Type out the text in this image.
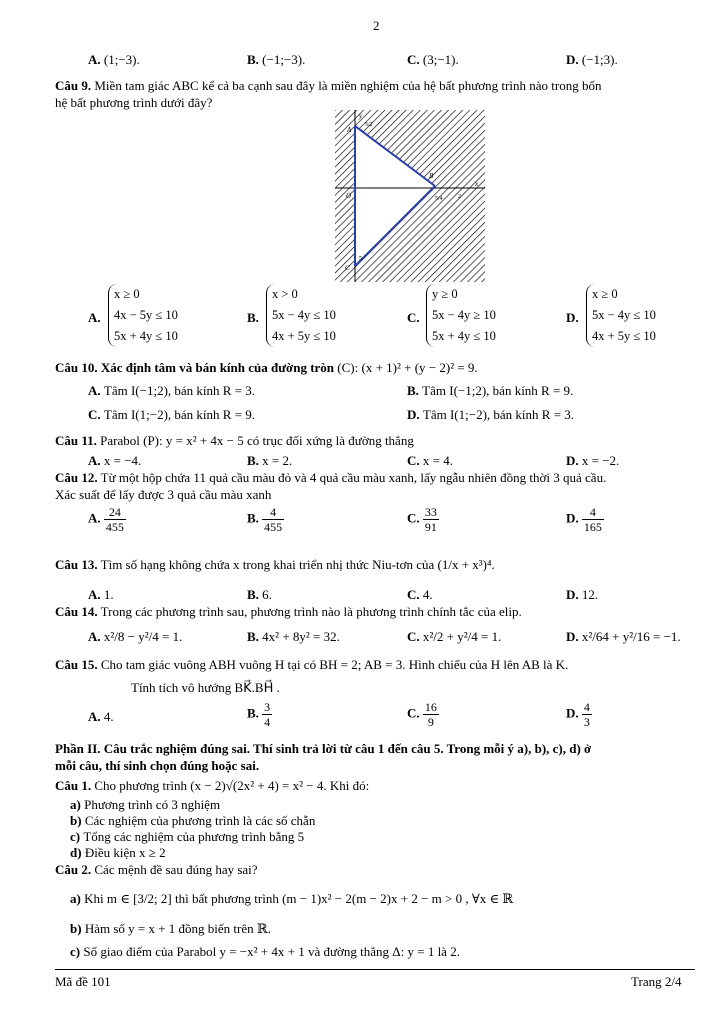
2
A. (1;−3).	B. (−1;−3).	C. (3;−1).	D. (−1;3).
Câu 9. Miền tam giác ABC kể cả ba cạnh sau đây là miền nghiệm của hệ bất phương trình nào trong bốn
hệ bất phương trình dưới đây?
y
x
O
A
B
C
5/2
5/4	2
5
A.
x ≥ 0
4x − 5y ≤ 10
5x + 4y ≤ 10
B.
x > 0
5x − 4y ≤ 10
4x + 5y ≤ 10
C.
y ≥ 0
5x − 4y ≥ 10
5x + 4y ≤ 10
D.
x ≥ 0
5x − 4y ≤ 10
4x + 5y ≤ 10
Câu 10. Xác định tâm và bán kính của đường tròn (C): (x + 1)² + (y − 2)² = 9.
A. Tâm I(−1;2), bán kính R = 3.	B. Tâm I(−1;2), bán kính R = 9.
C. Tâm I(1;−2), bán kính R = 9.	D. Tâm I(1;−2), bán kính R = 3.
Câu 11. Parabol (P): y = x² + 4x − 5 có trục đối xứng là đường thẳng
A. x = −4.	B. x = 2.	C. x = 4.	D. x = −2.
Câu 12. Từ một hộp chứa 11 quả cầu màu đỏ và 4 quả cầu màu xanh, lấy ngẫu nhiên đồng thời 3 quả cầu.
Xác suất để lấy được 3 quả cầu màu xanh
A. $\frac{24}{455}$	B. $\frac{4}{455}$	C. $\frac{33}{91}$	D. $\frac{4}{165}$
Câu 13. Tìm số hạng không chứa x trong khai triển nhị thức Niu-tơn của (1/x + x³)⁴.
A. 1.	B. 6.	C. 4.	D. 12.
Câu 14. Trong các phương trình sau, phương trình nào là phương trình chính tắc của elip.
A. x²/8 − y²/4 = 1.	B. 4x² + 8y² = 32.	C. x²/2 + y²/4 = 1.	D. x²/64 + y²/16 = −1.
Câu 15. Cho tam giác vuông ABH vuông H tại có BH = 2; AB = 3. Hình chiếu của H lên AB là K.
Tính tích vô hướng BK⃗.BH⃗ .
A. 4.	B. $\frac{3}{4}$	C. $\frac{16}{9}$	D. $\frac{4}{3}$
Phần II. Câu trắc nghiệm đúng sai. Thí sinh trả lời từ câu 1 đến câu 5. Trong mỗi ý a), b), c), d) ở
mỗi câu, thí sinh chọn đúng hoặc sai.
Câu 1. Cho phương trình (x − 2)√(2x² + 4) = x² − 4. Khi đó:
a) Phương trình có 3 nghiệm
b) Các nghiệm của phương trình là các số chẵn
c) Tổng các nghiệm của phương trình bằng 5
d) Điều kiện x ≥ 2
Câu 2. Các mệnh đề sau đúng hay sai?
a) Khi m ∈ [3/2; 2] thì bất phương trình (m − 1)x² − 2(m − 2)x + 2 − m > 0 , ∀x ∈ ℝ
b) Hàm số y = x + 1 đồng biến trên ℝ.
c) Số giao điểm của Parabol y = −x² + 4x + 1 và đường thẳng Δ: y = 1 là 2.
Mã đề 101	Trang 2/4
